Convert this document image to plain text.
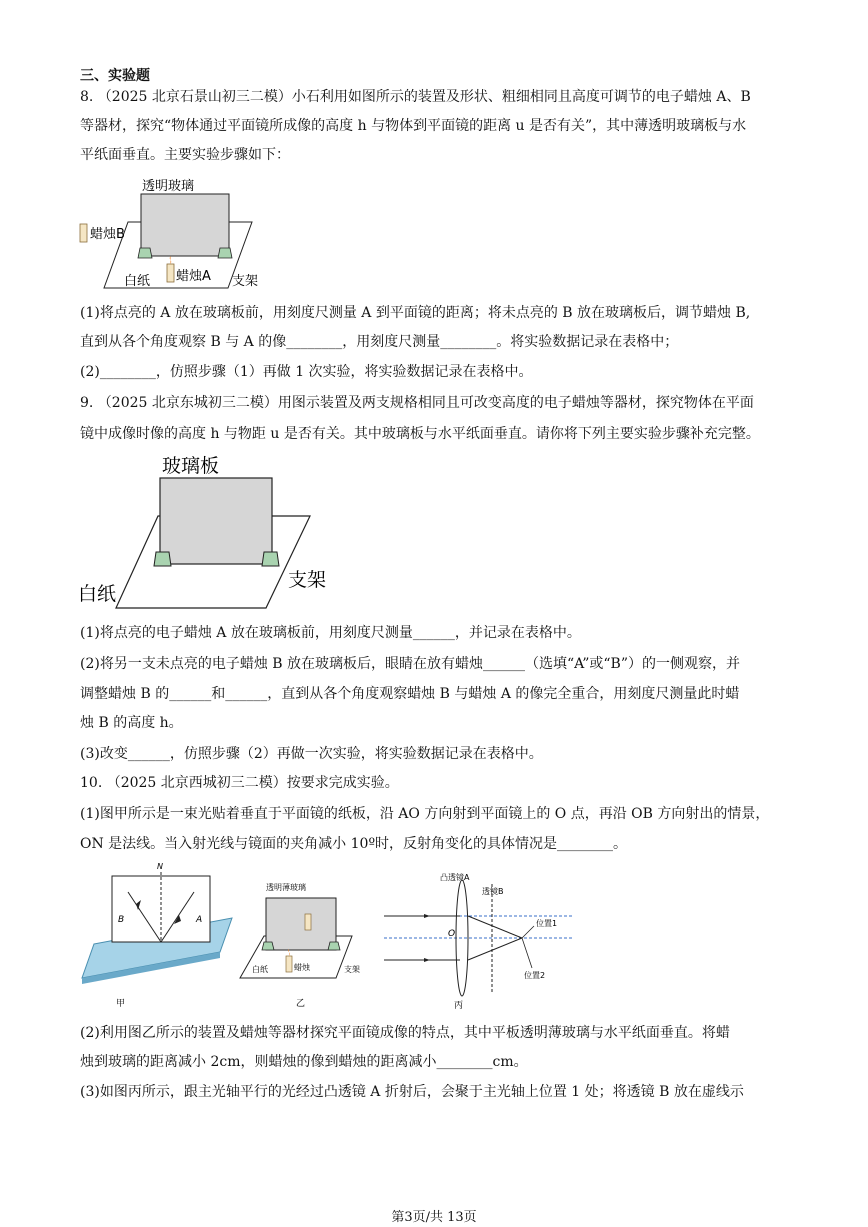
三、实验题
8. （2025 北京石景山初三二模）小石利用如图所示的装置及形状、粗细相同且高度可调节的电子蜡烛 A、B
等器材，探究“物体通过平面镜所成像的高度 h 与物体到平面镜的距离 u 是否有关”，其中薄透明玻璃板与水
平纸面垂直。主要实验步骤如下：
透明玻璃
蜡烛B
白纸 蜡烛A 支架
(1)将点亮的 A 放在玻璃板前，用刻度尺测量 A 到平面镜的距离；将未点亮的 B 放在玻璃板后，调节蜡烛 B,
直到从各个角度观察 B 与 A 的像________，用刻度尺测量________。将实验数据记录在表格中；
(2)________，仿照步骤（1）再做 1 次实验，将实验数据记录在表格中。
9. （2025 北京东城初三二模）用图示装置及两支规格相同且可改变高度的电子蜡烛等器材，探究物体在平面
镜中成像时像的高度 h 与物距 u 是否有关。其中玻璃板与水平纸面垂直。请你将下列主要实验步骤补充完整。
玻璃板
白纸
支架
(1)将点亮的电子蜡烛 A 放在玻璃板前，用刻度尺测量______，并记录在表格中。
(2)将另一支未点亮的电子蜡烛 B 放在玻璃板后，眼睛在放有蜡烛______（选填“A”或“B”）的一侧观察，并
调整蜡烛 B 的______和______，直到从各个角度观察蜡烛 B 与蜡烛 A 的像完全重合，用刻度尺测量此时蜡
烛 B 的高度 h。
(3)改变______，仿照步骤（2）再做一次实验，将实验数据记录在表格中。
10. （2025 北京西城初三二模）按要求完成实验。
(1)图甲所示是一束光贴着垂直于平面镜的纸板，沿 AO 方向射到平面镜上的 O 点，再沿 OB 方向射出的情景，
ON 是法线。当入射光线与镜面的夹角减小 10º时，反射角变化的具体情况是________。
N
A
B
甲
透明薄玻璃
白纸	蜡烛	支架
乙
凸透镜A
透镜B
O
位置1
位置2
丙
(2)利用图乙所示的装置及蜡烛等器材探究平面镜成像的特点，其中平板透明薄玻璃与水平纸面垂直。将蜡
烛到玻璃的距离减小 2cm，则蜡烛的像到蜡烛的距离减小________cm。
(3)如图丙所示，跟主光轴平行的光经过凸透镜 A 折射后，会聚于主光轴上位置 1 处；将透镜 B 放在虚线示
第3页/共 13页
